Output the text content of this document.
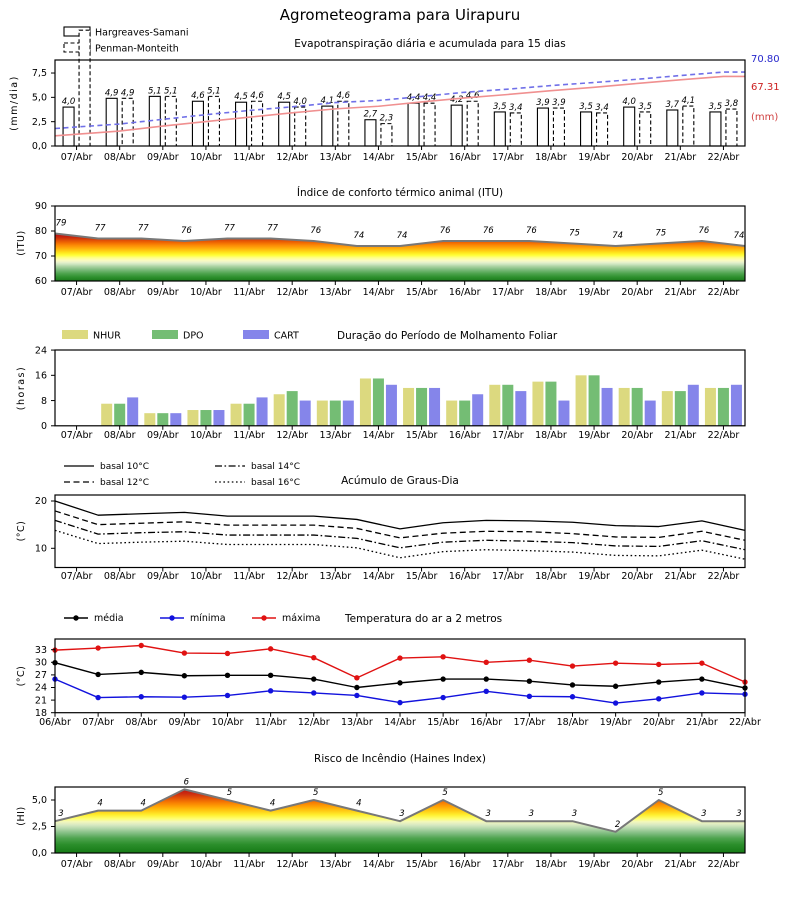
Agrometeograma para Uirapuru
Hargreaves-Samani
Penman-Monteith	Evapotranspiração diária e acumulada para 15 dias
4,0
4,9	5,1	4,6	4,5	4,5	4,1
2,7
4,4	4,2
3,5	3,9	3,5	4,0	3,7	3,5
4,9	5,1	5,1	4,6
4,0
4,6
2,3
4,4	4,6
3,4	3,9	3,4	3,5
4,1	3,8
0,0
2,5
5,0
7,5
07/Abr 08/Abr 09/Abr 10/Abr 11/Abr 12/Abr 13/Abr 14/Abr 15/Abr 16/Abr 17/Abr 18/Abr 19/Abr 20/Abr 21/Abr 22/Abr
(mm/dia)
70.80
67.31
(mm)
Índice de conforto térmico animal (ITU)
60
70
80
90
07/Abr 08/Abr 09/Abr 10/Abr 11/Abr 12/Abr 13/Abr 14/Abr 15/Abr 16/Abr 17/Abr 18/Abr 19/Abr 20/Abr 21/Abr 22/Abr
79	77	77	76	77	77	76	74	74	76	76	76	75	74	75	76	74
(ITU)
NHUR	DPO	CART	Duração do Período de Molhamento Foliar
0
8
16
24
07/Abr 08/Abr 09/Abr 10/Abr 11/Abr 12/Abr 13/Abr 14/Abr 15/Abr 16/Abr 17/Abr 18/Abr 19/Abr 20/Abr 21/Abr 22/Abr
(horas)
basal 10°C
basal 12°C
basal 14°C
basal 16°C	Acúmulo de Graus-Dia
10
20
07/Abr 08/Abr 09/Abr 10/Abr 11/Abr 12/Abr 13/Abr 14/Abr 15/Abr 16/Abr 17/Abr 18/Abr 19/Abr 20/Abr 21/Abr 22/Abr
(°C)
média	mínima	máxima Temperatura do ar a 2 metros
18
21
24
27
30
33
06/Abr 07/Abr 08/Abr 09/Abr 10/Abr 11/Abr 12/Abr 13/Abr 14/Abr 15/Abr 16/Abr 17/Abr 18/Abr 19/Abr 20/Abr 21/Abr 22/Abr
(°C)
Risco de Incêndio (Haines Index)
0,0
2,5
5,0
07/Abr 08/Abr 09/Abr 10/Abr 11/Abr 12/Abr 13/Abr 14/Abr 15/Abr 16/Abr 17/Abr 18/Abr 19/Abr 20/Abr 21/Abr 22/Abr
3
4	4
6
5
4
5
4
3
5
3	3	3
2
5
3	3
(HI)
